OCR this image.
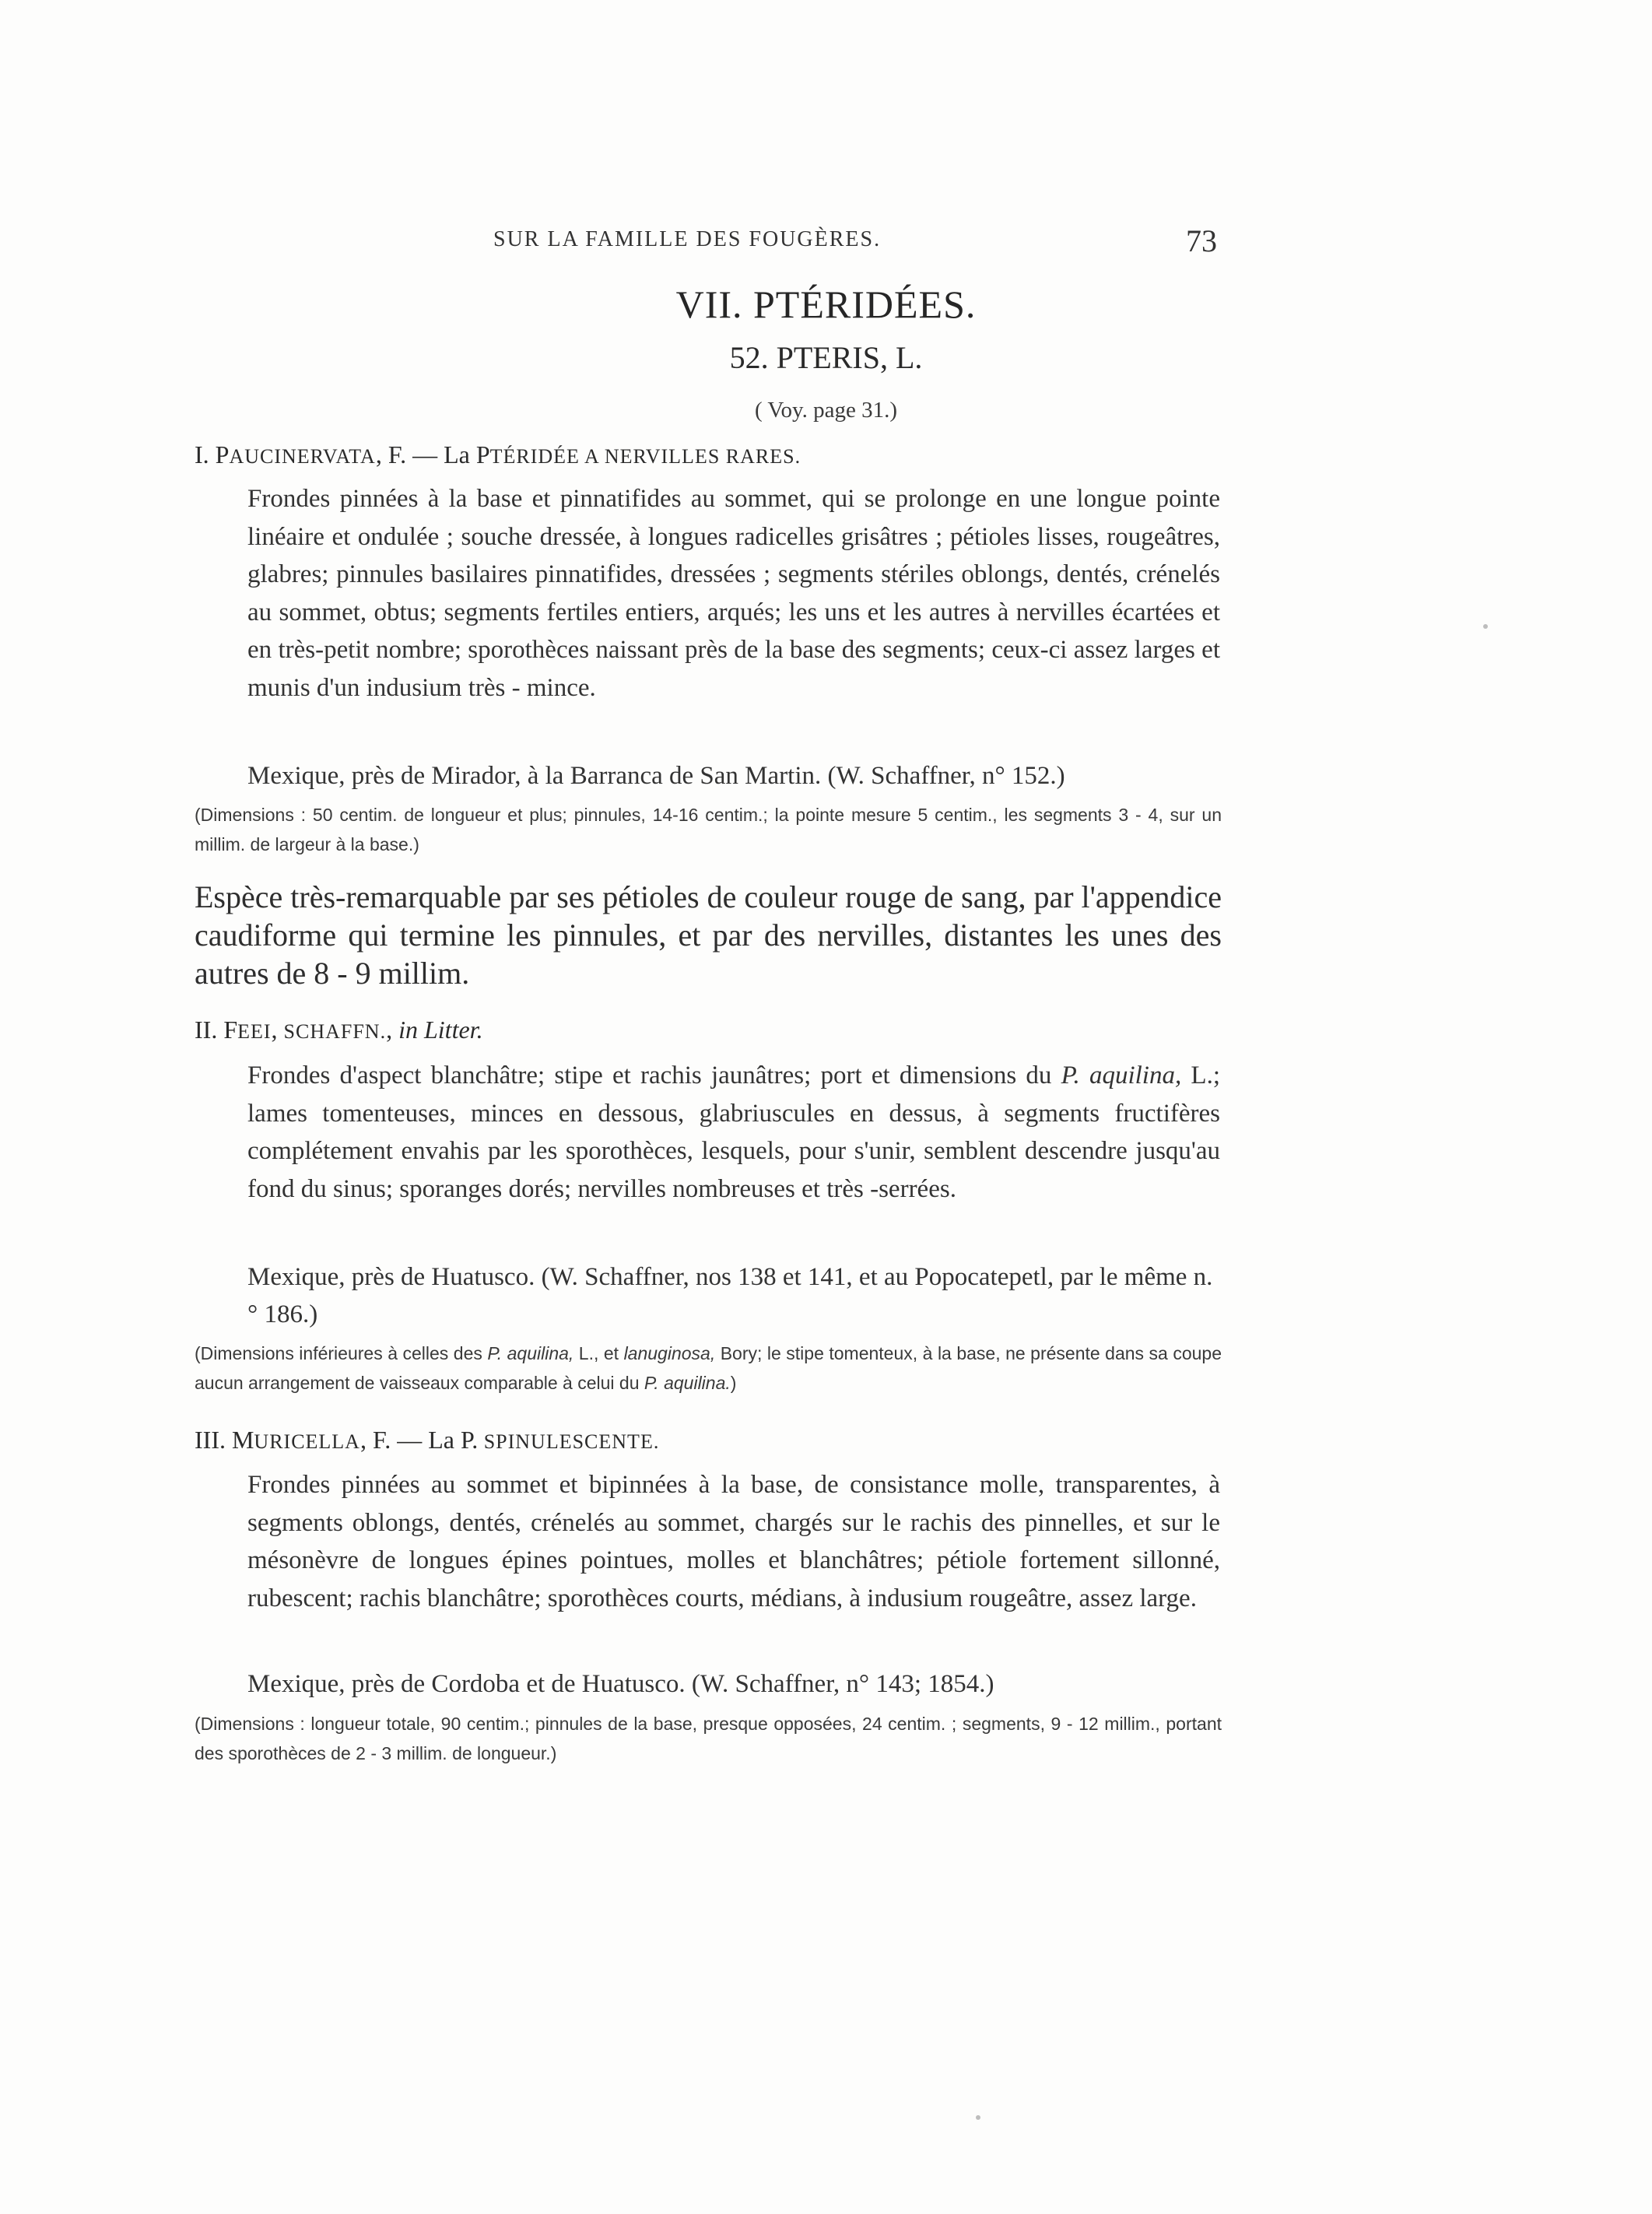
SUR LA FAMILLE DES FOUGÈRES.	73
VII. PTÉRIDÉES.
52. PTERIS, L.
( Voy. page 31.)
I. PAUCINERVATA, F. — La PTÉRIDÉE A NERVILLES RARES.
Frondes pinnées à la base et pinnatifides au sommet, qui se prolonge en une longue pointe linéaire et ondulée ; souche dressée, à longues radicelles grisâtres ; pétioles lisses, rougeâtres, glabres; pinnules basilaires pinnatifides, dressées ; segments stériles oblongs, dentés, crénelés au sommet, obtus; segments fertiles entiers, arqués; les uns et les autres à nervilles écartées et en très-petit nombre; sporothèces naissant près de la base des segments; ceux-ci assez larges et munis d'un indusium très - mince.
Mexique, près de Mirador, à la Barranca de San Martin. (W. Schaffner, n° 152.)
(Dimensions : 50 centim. de longueur et plus; pinnules, 14-16 centim.; la pointe mesure 5 centim., les segments 3 - 4, sur un millim. de largeur à la base.)
Espèce très-remarquable par ses pétioles de couleur rouge de sang, par l'appendice caudiforme qui termine les pinnules, et par des nervilles, distantes les unes des autres de 8 - 9 millim.
II. FEEI, SCHAFFN., in Litter.
Frondes d'aspect blanchâtre; stipe et rachis jaunâtres; port et dimensions du P. aquilina, L.; lames tomenteuses, minces en dessous, glabriuscules en dessus, à segments fructifères complétement envahis par les sporothèces, lesquels, pour s'unir, semblent descendre jusqu'au fond du sinus; sporanges dorés; nervilles nombreuses et très -serrées.
Mexique, près de Huatusco. (W. Schaffner, nos 138 et 141, et au Popocatepetl, par le même n.° 186.)
(Dimensions inférieures à celles des P. aquilina, L., et lanuginosa, Bory; le stipe tomenteux, à la base, ne présente dans sa coupe aucun arrangement de vaisseaux comparable à celui du P. aquilina.)
III. MURICELLA, F. — La P. SPINULESCENTE.
Frondes pinnées au sommet et bipinnées à la base, de consistance molle, transparentes, à segments oblongs, dentés, crénelés au sommet, chargés sur le rachis des pinnelles, et sur le mésonèvre de longues épines pointues, molles et blanchâtres; pétiole fortement sillonné, rubescent; rachis blanchâtre; sporothèces courts, médians, à indusium rougeâtre, assez large.
Mexique, près de Cordoba et de Huatusco. (W. Schaffner, n° 143; 1854.)
(Dimensions : longueur totale, 90 centim.; pinnules de la base, presque opposées, 24 centim. ; segments, 9 - 12 millim., portant des sporothèces de 2 - 3 millim. de longueur.)
